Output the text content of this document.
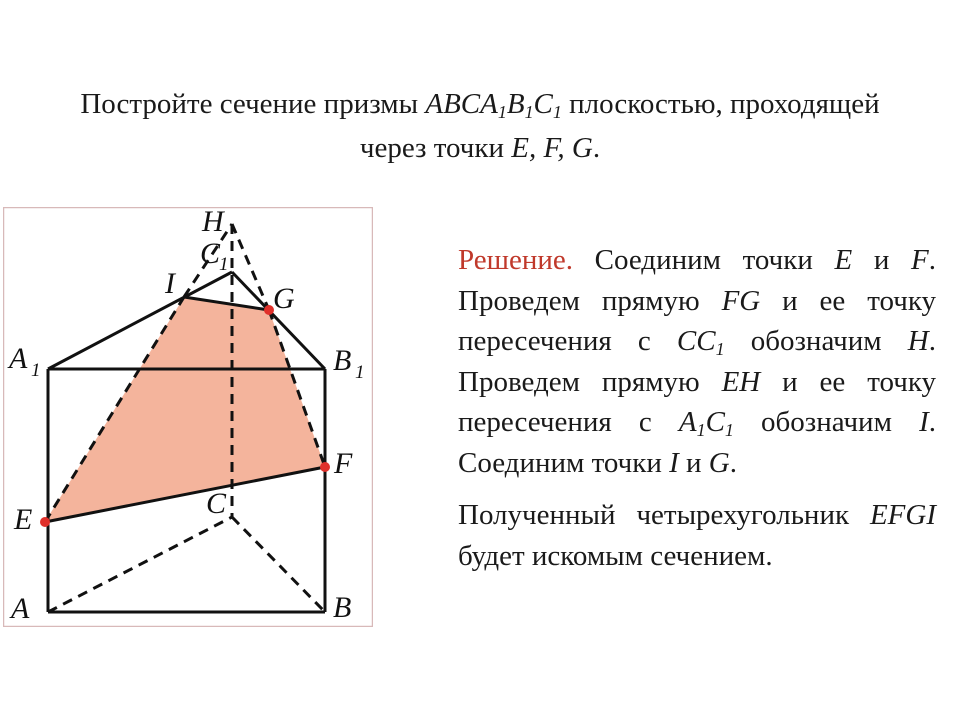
Постройте сечение призмы $ABCA_1B_1C_1$ плоскостью, проходящей
через точки E, F, G.
H
C
1
I	G
A 1	B 1
F
C
E
A	B

Решение. Соединим точки E и F. Проведем прямую FG и ее точку пересечения с $CC_1$ обозначим H. Проведем прямую EH и ее точку пересечения с $A_1C_1$ обозначим I. Соединим точки I и G.

Полученный четырехугольник EFGI будет искомым сечением.
